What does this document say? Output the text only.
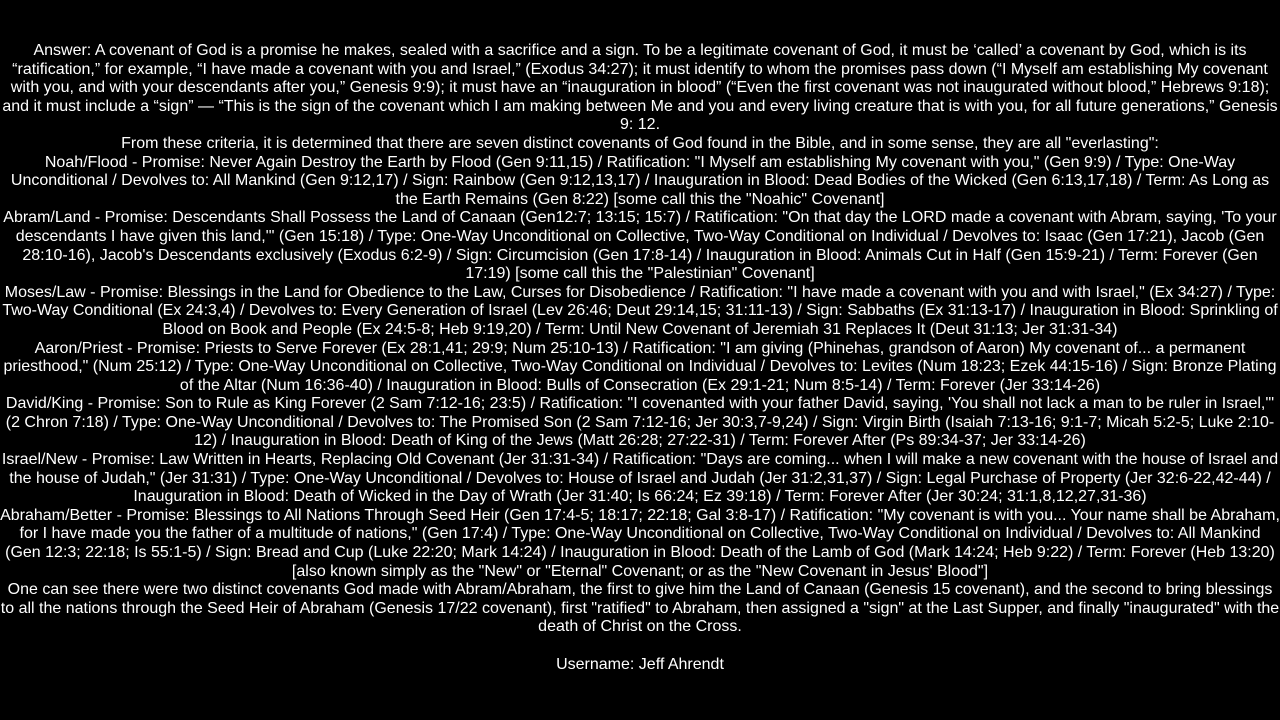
Answer: A covenant of God is a promise he makes, sealed with a sacrifice and a sign. To be a legitimate covenant of God, it must be ‘called’ a covenant by God, which is its “ratification,” for example, “I have made a covenant with you and Israel,” (Exodus 34:27); it must identify to whom the promises pass down (“I Myself am establishing My covenant with you, and with your descendants after you,” Genesis 9:9); it must have an “inauguration in blood” (“Even the first covenant was not inaugurated without blood,” Hebrews 9:18); and it must include a “sign” — “This is the sign of the covenant which I am making between Me and you and every living creature that is with you, for all future generations,” Genesis 9: 12.

From these criteria, it is determined that there are seven distinct covenants of God found in the Bible, and in some sense, they are all "everlasting":

Noah/Flood - Promise: Never Again Destroy the Earth by Flood (Gen 9:11,15) / Ratification: "I Myself am establishing My covenant with you," (Gen 9:9) / Type: One-Way Unconditional / Devolves to: All Mankind (Gen 9:12,17) / Sign: Rainbow (Gen 9:12,13,17) / Inauguration in Blood: Dead Bodies of the Wicked (Gen 6:13,17,18) / Term: As Long as the Earth Remains (Gen 8:22) [some call this the "Noahic" Covenant]

Abram/Land - Promise: Descendants Shall Possess the Land of Canaan (Gen12:7; 13:15; 15:7) / Ratification: "On that day the LORD made a covenant with Abram, saying, 'To your descendants I have given this land,'" (Gen 15:18) / Type: One-Way Unconditional on Collective, Two-Way Conditional on Individual / Devolves to: Isaac (Gen 17:21), Jacob (Gen 28:10-16), Jacob's Descendants exclusively (Exodus 6:2-9) / Sign: Circumcision (Gen 17:8-14) / Inauguration in Blood: Animals Cut in Half (Gen 15:9-21) / Term: Forever (Gen 17:19) [some call this the "Palestinian" Covenant]

Moses/Law - Promise: Blessings in the Land for Obedience to the Law, Curses for Disobedience / Ratification: "I have made a covenant with you and with Israel," (Ex 34:27) / Type: Two-Way Conditional (Ex 24:3,4) / Devolves to: Every Generation of Israel (Lev 26:46; Deut 29:14,15; 31:11-13) / Sign: Sabbaths (Ex 31:13-17) / Inauguration in Blood: Sprinkling of Blood on Book and People (Ex 24:5-8; Heb 9:19,20) / Term: Until New Covenant of Jeremiah 31 Replaces It (Deut 31:13; Jer 31:31-34)

Aaron/Priest - Promise: Priests to Serve Forever (Ex 28:1,41; 29:9; Num 25:10-13) / Ratification: "I am giving (Phinehas, grandson of Aaron) My covenant of... a permanent priesthood," (Num 25:12) / Type: One-Way Unconditional on Collective, Two-Way Conditional on Individual / Devolves to: Levites (Num 18:23; Ezek 44:15-16) / Sign: Bronze Plating of the Altar (Num 16:36-40) / Inauguration in Blood: Bulls of Consecration (Ex 29:1-21; Num 8:5-14) / Term: Forever (Jer 33:14-26)

David/King - Promise: Son to Rule as King Forever (2 Sam 7:12-16; 23:5) / Ratification: "I covenanted with your father David, saying, 'You shall not lack a man to be ruler in Israel,'" (2 Chron 7:18) / Type: One-Way Unconditional / Devolves to: The Promised Son (2 Sam 7:12-16; Jer 30:3,7-9,24) / Sign: Virgin Birth (Isaiah 7:13-16; 9:1-7; Micah 5:2-5; Luke 2:10-12) / Inauguration in Blood: Death of King of the Jews (Matt 26:28; 27:22-31) / Term: Forever After (Ps 89:34-37; Jer 33:14-26)

Israel/New - Promise: Law Written in Hearts, Replacing Old Covenant (Jer 31:31-34) / Ratification: "Days are coming... when I will make a new covenant with the house of Israel and the house of Judah," (Jer 31:31) / Type: One-Way Unconditional / Devolves to: House of Israel and Judah (Jer 31:2,31,37) / Sign: Legal Purchase of Property (Jer 32:6-22,42-44) / Inauguration in Blood: Death of Wicked in the Day of Wrath (Jer 31:40; Is 66:24; Ez 39:18) / Term: Forever After (Jer 30:24; 31:1,8,12,27,31-36)

Abraham/Better - Promise: Blessings to All Nations Through Seed Heir (Gen 17:4-5; 18:17; 22:18; Gal 3:8-17) / Ratification: "My covenant is with you... Your name shall be Abraham, for I have made you the father of a multitude of nations," (Gen 17:4) / Type: One-Way Unconditional on Collective, Two-Way Conditional on Individual / Devolves to: All Mankind (Gen 12:3; 22:18; Is 55:1-5) / Sign: Bread and Cup (Luke 22:20; Mark 14:24) / Inauguration in Blood: Death of the Lamb of God (Mark 14:24; Heb 9:22) / Term: Forever (Heb 13:20) [also known simply as the "New" or "Eternal" Covenant; or as the "New Covenant in Jesus' Blood"]

One can see there were two distinct covenants God made with Abram/Abraham, the first to give him the Land of Canaan (Genesis 15 covenant), and the second to bring blessings to all the nations through the Seed Heir of Abraham (Genesis 17/22 covenant), first "ratified" to Abraham, then assigned a "sign" at the Last Supper, and finally "inaugurated" with the death of Christ on the Cross.

Username: Jeff Ahrendt
